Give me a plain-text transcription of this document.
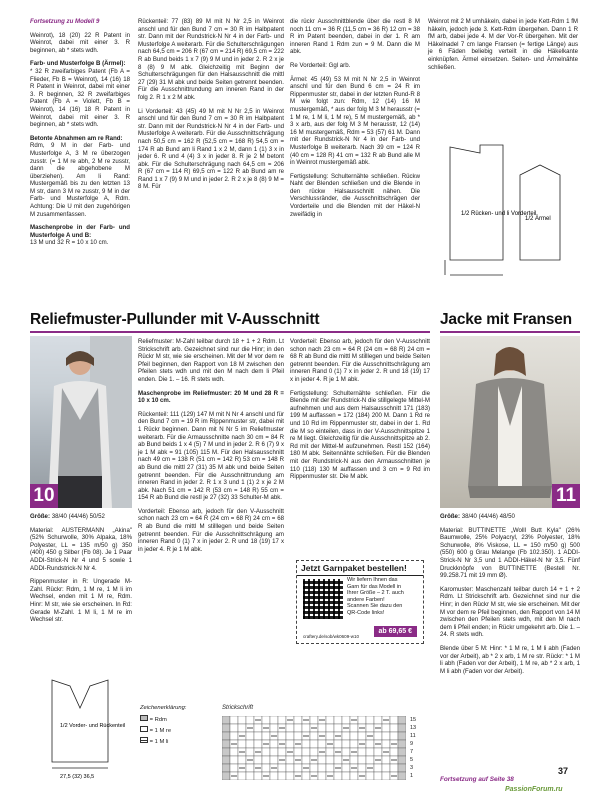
Fortsetzung zu Modell 9

Weinrot), 18 (20) 22 R Patent in Weinrot, dabei mit einer 3. R beginnen, ab * stets wdh.

Farb- und Musterfolge B (Ärmel):

* 32 R zweifarbiges Patent (Fb A = Flieder, Fb B = Weinrot), 14 (16) 18 R Patent in Weinrot, dabei mit einer 3. R beginnen, 32 R zweifarbiges Patent (Fb A = Violett, Fb B = Weinrot), 14 (16) 18 R Patent in Weinrot, dabei mit einer 3. R beginnen, ab * stets wdh.

Betonte Abnahmen am re Rand:

Rdm, 9 M in der Farb- und Musterfolge A, 3 M re überzogen zusstr. (= 1 M re abh, 2 M re zusstr, dann die abgehobene M überziehen). Am li Rand: Mustergemäß bis zu den letzten 13 M str, dann 3 M re zusstr, 9 M in der Farb- und Musterfolge A, Rdm. Achtung: Die U mit den zugehörigen M zusammenfassen.

Maschenprobe in der Farb- und Musterfolge A und B:

13 M und 32 R = 10 x 10 cm.

Rückenteil: 77 (83) 89 M mit N Nr 2,5 in Weinrot anschl und für den Bund 7 cm = 30 R im Halbpatent str. Dann mit der Rundstrick-N Nr 4 in der Farb- und Musterfolge A weiterarb. Für die Schulterschrägungen nach 64,5 cm = 206 R (67 cm = 214 R) 69,5 cm = 222 R ab Bund beids 1 x 7 (9) 9 M und in jeder 2. R 2 x je 8 (8) 9 M abk. Gleichzeitig mit Beginn der Schulterschrägungen für den Halsausschnitt die mittl 27 (29) 31 M abk und beide Seiten getrennt beenden. Für die Ausschnittrundung am inneren Rand in der folg 2. R 1 x 2 M abk.

Li Vorderteil: 43 (45) 49 M mit N Nr 2,5 in Weinrot anschl und für den Bund 7 cm = 30 R im Halbpatent str. Dann mit der Rundstrick-N Nr 4 in der Farb- und Musterfolge A weiterarb. Für die Ausschnittschrägung nach 50,5 cm = 162 R (52,5 cm = 168 R) 54,5 cm = 174 R ab Bund am li Rand 1 x 2 M, dann 1 (1) 3 x in jeder 6. R und 4 (4) 3 x in jeder 8. R je 2 M betont abk. Für die Schulterschrägung nach 64,5 cm = 206 R (67 cm = 114 R) 69,5 cm = 122 R ab Bund am re Rand 1 x 7 (9) 9 M und in jeder 2. R 2 x je 8 (8) 9 M = 8 M. Für

die rückr Ausschnittblende über die restl 8 M noch 11 cm = 36 R (11,5 cm = 36 R) 12 cm = 38 R im Patent beenden, dabei in der 1. R am inneren Rand 1 Rdm zun = 9 M. Dann die M abk.

Re Vorderteil: Ggl arb.

Ärmel: 45 (49) 53 M mit N Nr 2,5 in Weinrot anschl und für den Bund 6 cm = 24 R im Rippenmuster str, dabei in der letzten Rund-R 8 M wie folgt zun: Rdm, 12 (14) 16 M mustergemäß, * aus der folg M 3 M herausstr (= 1 M re, 1 M li, 1 M re), 5 M mustergemäß, ab * 3 x arb, aus der folg M 3 M herausstr, 12 (14) 16 M mustergemäß, Rdm = 53 (57) 61 M. Dann mit der Rundstrick-N Nr 4 in der Farb- und Musterfolge B weiterarb. Nach 39 cm = 124 R (40 cm = 128 R) 41 cm = 132 R ab Bund alle M in Weinrot mustergemäß abk.

Fertigstellung: Schulternähte schließen. Rückw Naht der Blenden schließen und die Blende in den rückw Halsausschnitt nähen. Die Verschlussränder, die Ausschnittschrägen der Vorderteile und die Blenden mit der Häkel-N zweifädig in

Weinrot mit 2 M umhäkeln, dabei in jede Kett-Rdm 1 fM häkeln, jedoch jede 3. Kett-Rdm übergehen. Dann 1 R fM arb, dabei jede 4. M der Vor-R übergehen. Mit der Häkelnadel 7 cm lange Fransen (= fertige Länge) aus je 6 Fäden beliebig verteilt in die Häkelkante einknüpfen. Ärmel einsetzen. Seiten- und Ärmelnähte schließen.

1/2 Rücken- und li Vorderteil
1/2 Ärmel
Reliefmuster-Pullunder mit V-Ausschnitt	Jacke mit Fransen
10	11

Größe: 38/40 (44/46) 50/52

Material: AUSTERMANN „Akina" (52% Schurwolle, 30% Alpaka, 18% Polyester, LL = 135 m/50 g) 350 (400) 450 g Silber (Fb 08). Je 1 Paar ADDI-Strick-N Nr 4 und 5 sowie 1 ADDI-Rundstrick-N Nr 4.

Rippenmuster in R: Ungerade M-Zahl. Rückr: Rdm, 1 M re, 1 M li im Wechsel, enden mit 1 M re, Rdm. Hinr: M str, wie sie erscheinen. In Rd: Gerade M-Zahl. 1 M li, 1 M re im Wechsel str.

1/2 Vorder- und Rückenteil
27,5 (32) 36,5

Reliefmuster: M-Zahl teilbar durch 18 + 1 + 2 Rdm. Lt Strickschrift arb. Gezeichnet sind nur die Hinr; in den Rückr M str, wie sie erscheinen. Mit der M vor dem re Pfeil beginnen, den Rapport von 18 M zwischen den Pfeilen stets wdh und mit den M nach dem li Pfeil enden. Die 1. – 16. R stets wdh.

Maschenprobe im Reliefmuster: 20 M und 28 R = 10 x 10 cm.

Rückenteil: 111 (129) 147 M mit N Nr 4 anschl und für den Bund 7 cm = 19 R im Rippenmuster str, dabei mit 1 Rückr beginnen. Dann mit N Nr 5 im Reliefmuster weiterarb. Für die Armausschnitte nach 30 cm = 84 R ab Bund beids 1 x 4 (5) 7 M und in jeder 2. R 6 (7) 9 x je 1 M abk = 91 (105) 115 M. Für den Halsausschnitt nach 49 cm = 138 R (51 cm = 142 R) 53 cm = 148 R ab Bund die mittl 27 (31) 35 M abk und beide Seiten getrennt beenden. Für die Ausschnittrundung am inneren Rand in jeder 2. R 1 x 3 und 1 (1) 2 x je 2 M abk. Nach 51 cm = 142 R (53 cm = 148 R) 55 cm = 154 R ab Bund die restl je 27 (32) 33 Schulter-M abk.

Vorderteil: Ebenso arb, jedoch für den V-Ausschnitt schon nach 23 cm = 64 R (24 cm = 68 R) 24 cm = 68 R ab Bund die mittl M stilllegen und beide Seiten getrennt beenden. Für die Ausschnittschrägung am inneren Rand 0 (1) 7 x in jeder 2. R und 18 (19) 17 x in jeder 4. R je 1 M abk.

Vorderteil: Ebenso arb, jedoch für den V-Ausschnitt schon nach 23 cm = 64 R (24 cm = 68 R) 24 cm = 68 R ab Bund die mittl M stilllegen und beide Seiten getrennt beenden. Für die Ausschnittschrägung am inneren Rand 0 (1) 7 x in jeder 2. R und 18 (19) 17 x in jeder 4. R je 1 M abk.

Fertigstellung: Schulternähte schließen. Für die Blende mit der Rundstrick-N die stillgelegte Mittel-M aufnehmen und aus dem Halsausschnitt 171 (183) 199 M auffassen = 172 (184) 200 M. Dann 1 Rd re und 10 Rd im Rippenmuster str, dabei in der 1. Rd die M so einteilen, dass in der V-Ausschnittspitze 1 re M liegt. Gleichzeitig für die Ausschnittspitze ab 2. Rd mit der Mittel-M aufzunehmen. Restl 152 (164) 180 M abk. Seitennähte schließen. Für die Blenden mit der Rundstrick-N aus den Armausschnitten je 110 (118) 130 M auffassen und 3 cm = 9 Rd im Rippenmuster str. Die M abk.

Jetzt Garnpaket bestellen!
Wir liefern Ihnen das Garn für das Modell in Ihrer Größe – 2 T. auch andere Farben! Scannen Sie dazu den QR-Code links!
ab 69,65 €
craftery.de/sob/wk0609-w10
Zeichenerklärung:
= Rdm
= 1 M re
= 1 M li
Strickschrift
15
13
11
9
7
5
3
1

Größe: 38/40 (44/46) 48/50

Material: BUTTINETTE „Wolll Butt Kyla" (26% Baumwolle, 25% Polyacryl, 23% Polyester, 18% Schurwolle, 8% Viskose, LL = 150 m/50 g) 500 (550) 600 g Grau Melange (Fb 102.350). 1 ADDI-Strick-N Nr 3,5 und 1 ADDI-Häkel-N Nr 3,5. Fünf Druckknöpfe von BUTTINETTE (Bestell Nr. 99.258.71 mit 19 mm Ø).

Karomuster: Maschenzahl teilbar durch 14 + 1 + 2 Rdm. Lt Strickschrift arb. Gezeichnet sind nur die Hinr; in den Rückr M str, wie sie erscheinen. Mit der M vor dem re Pfeil beginnen, den Rapport von 14 M zwischen den Pfeilen stets wdh, mit den M nach dem li Pfeil enden; in Rückr umgekehrt arb. Die 1. – 24. R stets wdh.

Blende über 5 M: Hinr: * 1 M re, 1 M li abh (Faden vor der Arbeit), ab * 2 x arb, 1 M re str. Rückr: * 1 M li abh (Faden vor der Arbeit), 1 M re, ab * 2 x arb, 1 M li abh (Faden vor der Arbeit).

Fortsetzung auf Seite 38
37
PassionForum.ru
